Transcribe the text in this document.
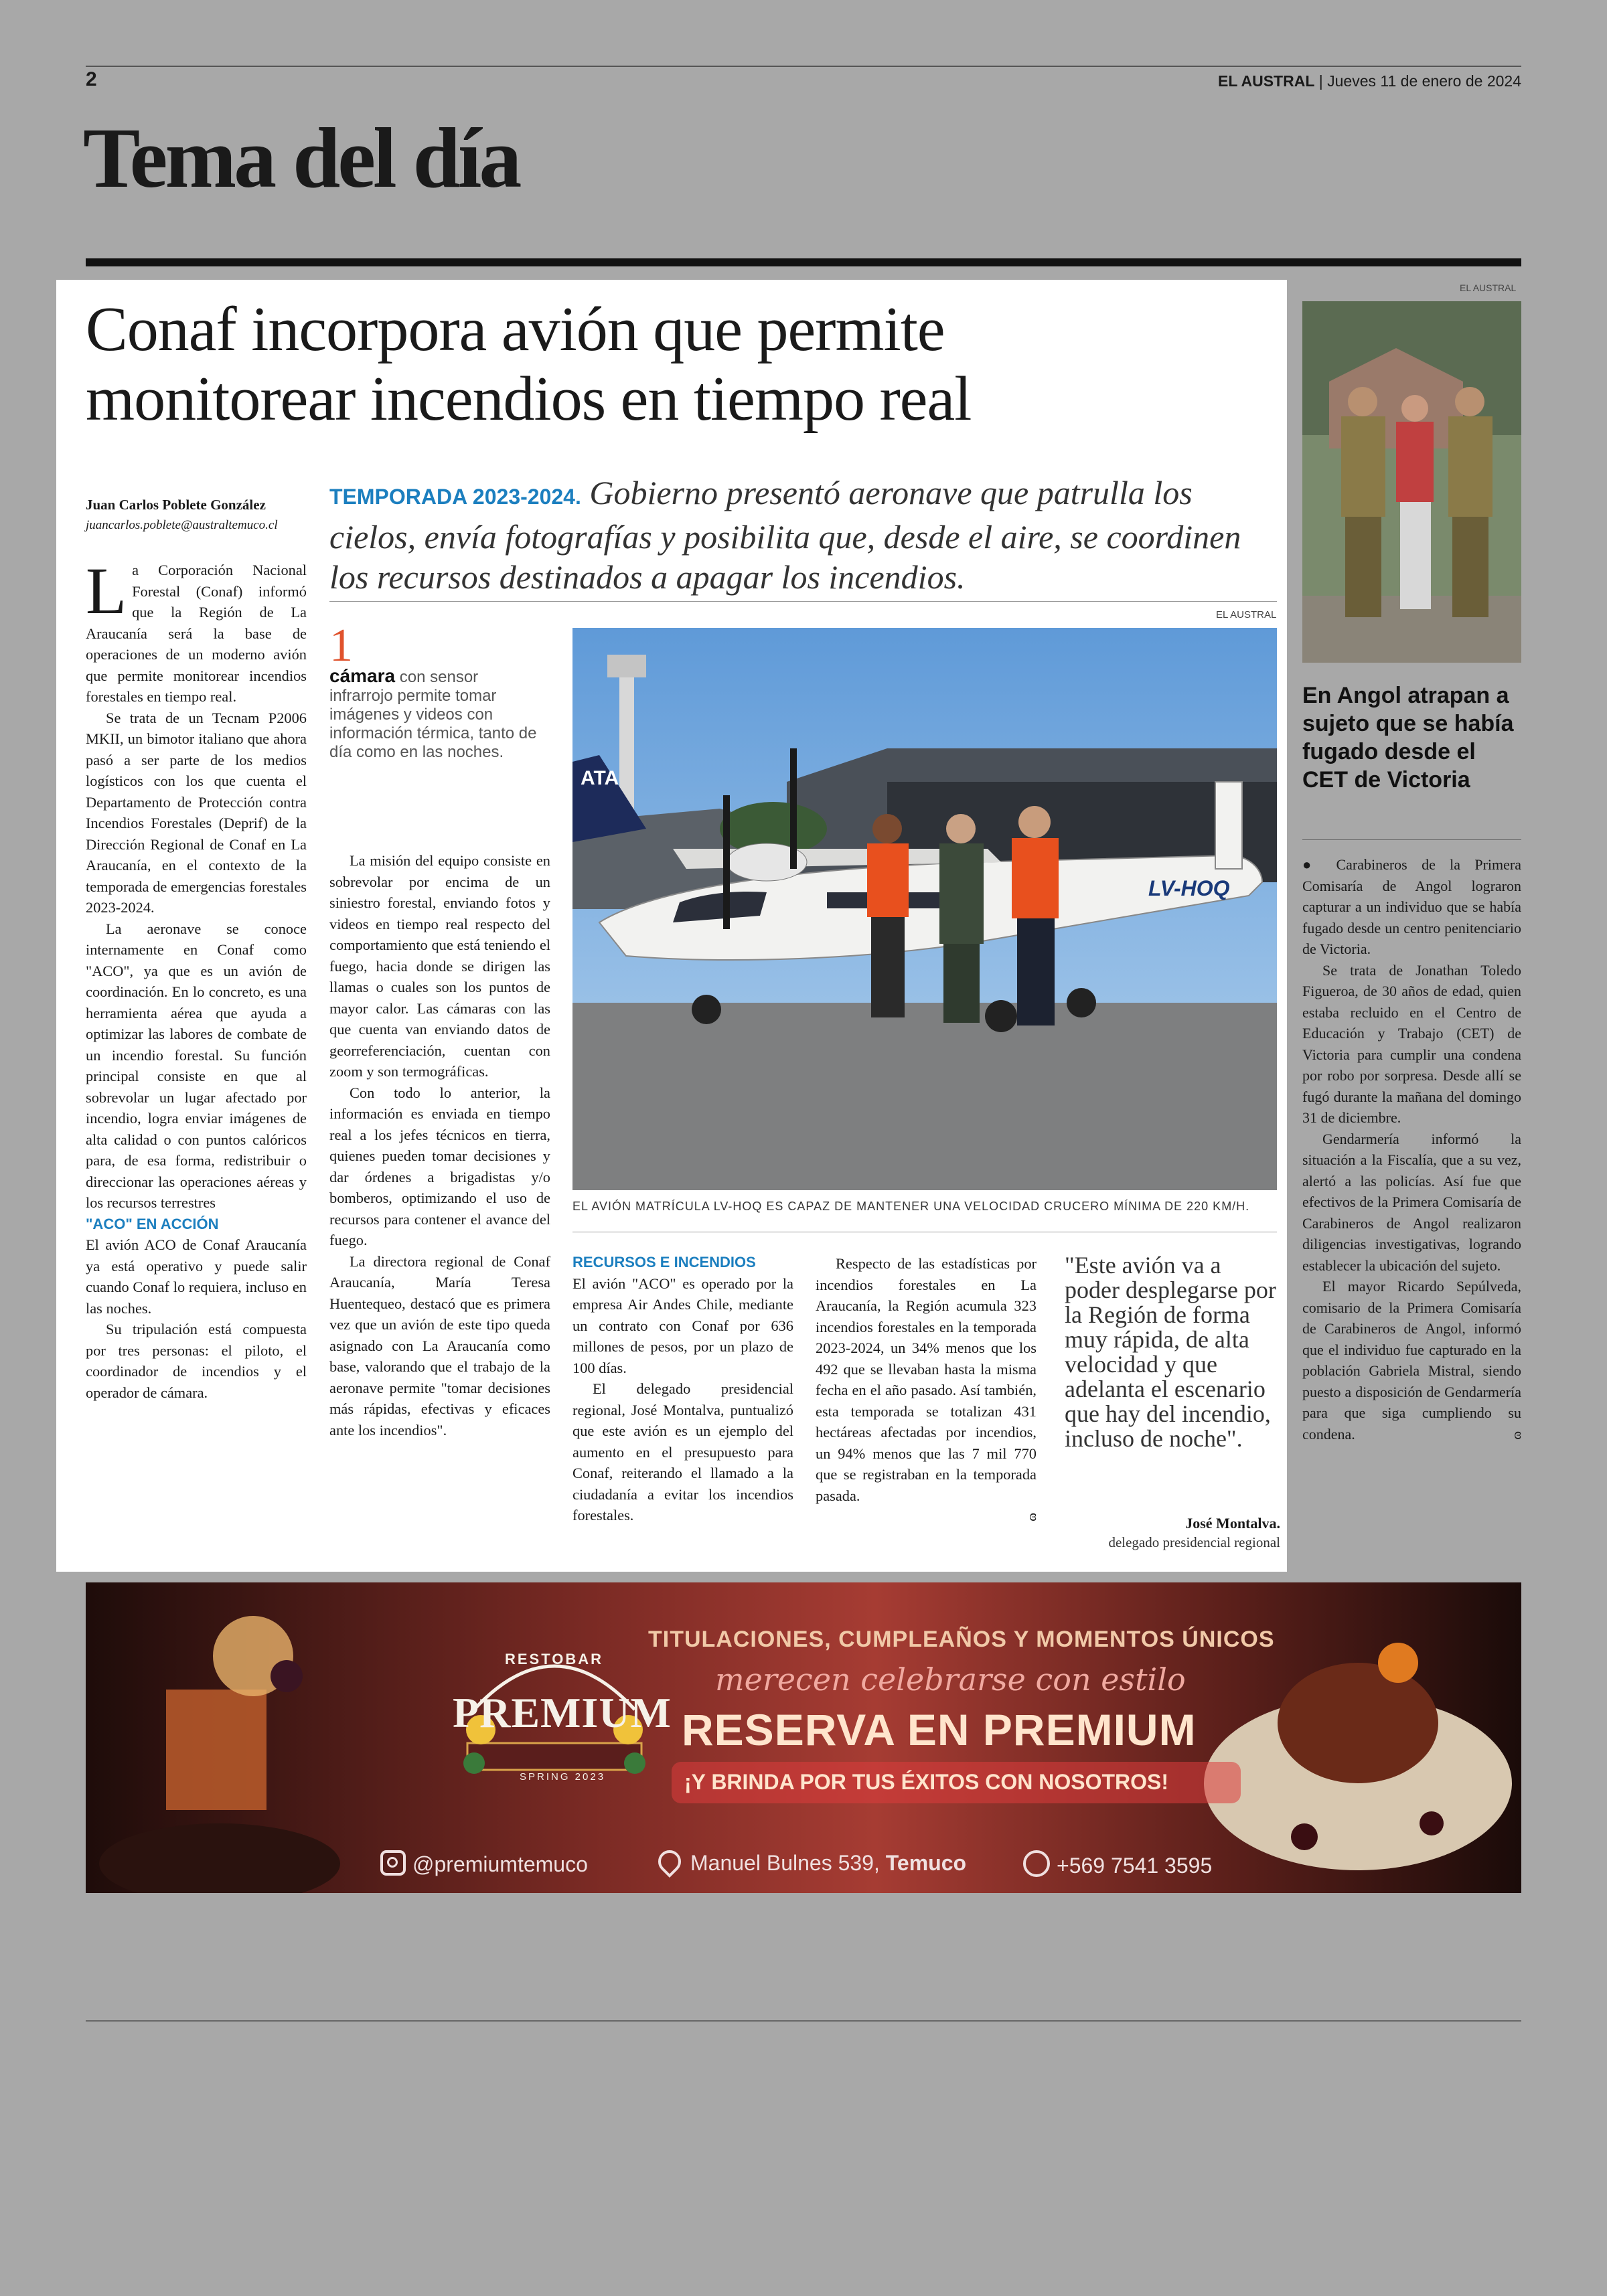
2	EL AUSTRAL | Jueves 11 de enero de 2024
Tema del día
Conaf incorpora avión que permite
monitorear incendios en tiempo real
Juan Carlos Poblete González
juancarlos.poblete@australtemuco.cl
TEMPORADA 2023-2024. Gobierno presentó aeronave que patrulla los cielos, envía fotografías y posibilita que, desde el aire, se coordinen los recursos destinados a apagar los incendios.
EL AUSTRAL

La Corporación Nacional Forestal (Conaf) informó que la Región de La Araucanía será la base de operaciones de un moderno avión que permite monitorear incendios forestales en tiempo real.

Se trata de un Tecnam P2006 MKII, un bimotor italiano que ahora pasó a ser parte de los medios logísticos con los que cuenta el Departamento de Protección contra Incendios Forestales (Deprif) de la Dirección Regional de Conaf en La Araucanía, en el contexto de la temporada de emergencias forestales 2023-2024.

La aeronave se conoce internamente en Conaf como "ACO", ya que es un avión de coordinación. En lo concreto, es una herramienta aérea que ayuda a optimizar las labores de combate de un incendio forestal. Su función principal consiste en que al sobrevolar un lugar afectado por incendio, logra enviar imágenes de alta calidad o con puntos calóricos para, de esa forma, redistribuir o direccionar las operaciones aéreas y los recursos terrestres

"ACO" EN ACCIÓN

El avión ACO de Conaf Araucanía ya está operativo y puede salir cuando Conaf lo requiera, incluso en las noches.

Su tripulación está compuesta por tres personas: el piloto, el coordinador de incendios y el operador de cámara.

1
cámara con sensor infrarrojo permite tomar imágenes y videos con información térmica, tanto de día como en las noches.

La misión del equipo consiste en sobrevolar por encima de un siniestro forestal, enviando fotos y videos en tiempo real respecto del comportamiento que está teniendo el fuego, hacia donde se dirigen las llamas o cuales son los puntos de mayor calor. Las cámaras con las que cuenta van enviando datos de georreferenciación, cuentan con zoom y son termográficas.

Con todo lo anterior, la información es enviada en tiempo real a los jefes técnicos en tierra, quienes pueden tomar decisiones y dar órdenes a brigadistas y/o bomberos, optimizando el uso de recursos para contener el avance del fuego.

La directora regional de Conaf Araucanía, María Teresa Huentequeo, destacó que es primera vez que un avión de este tipo queda asignado con La Araucanía como base, valorando que el trabajo de la aeronave permite "tomar decisiones más rápidas, efectivas y eficaces ante los incendios".

ATA
LV-HOQ
EL AVIÓN MATRÍCULA LV-HOQ ES CAPAZ DE MANTENER UNA VELOCIDAD CRUCERO MÍNIMA DE 220 KM/H.

RECURSOS E INCENDIOS

El avión "ACO" es operado por la empresa Air Andes Chile, mediante un contrato con Conaf por 636 millones de pesos, por un plazo de 100 días.

El delegado presidencial regional, José Montalva, puntualizó que este avión es un ejemplo del aumento en el presupuesto para Conaf, reiterando el llamado a la ciudadanía a evitar los incendios forestales.

Respecto de las estadísticas por incendios forestales en La Araucanía, la Región acumula 323 incendios forestales en la temporada 2023-2024, un 34% menos que los 492 que se llevaban hasta la misma fecha en el año pasado. Así también, esta temporada se totalizan 431 hectáreas afectadas por incendios, un 94% menos que las 7 mil 770 que se registraban en la temporada pasada.

ɞ
"Este avión va a poder desplegarse por la Región de forma muy rápida, de alta velocidad y que adelanta el escenario que hay del incendio, incluso de noche".
José Montalva.
delegado presidencial regional
EL AUSTRAL
En Angol atrapan a sujeto que se había fugado desde el CET de Victoria

● Carabineros de la Primera Comisaría de Angol lograron capturar a un individuo que se había fugado desde un centro penitenciario de Victoria.

Se trata de Jonathan Toledo Figueroa, de 30 años de edad, quien estaba recluido en el Centro de Educación y Trabajo (CET) de Victoria para cumplir una condena por robo por sorpresa. Desde allí se fugó durante la mañana del domingo 31 de diciembre.

Gendarmería informó la situación a la Fiscalía, que a su vez, alertó a las policías. Así fue que efectivos de la Primera Comisaría de Carabineros de Angol realizaron diligencias investigativas, logrando establecer la ubicación del sujeto.

El mayor Ricardo Sepúlveda, comisario de la Primera Comisaría de Carabineros de Angol, informó que el individuo fue capturado en la población Gabriela Mistral, siendo puesto a disposición de Gendarmería para que siga cumpliendo su condena.	ɞ
RESTOBAR
PREMIUM
SPRING 2023
TITULACIONES, CUMPLEAÑOS Y MOMENTOS ÚNICOS
merecen celebrarse con estilo
RESERVA EN PREMIUM
¡Y BRINDA POR TUS ÉXITOS CON NOSOTROS!
@premiumtemuco	Manuel Bulnes 539, Temuco	+569 7541 3595
